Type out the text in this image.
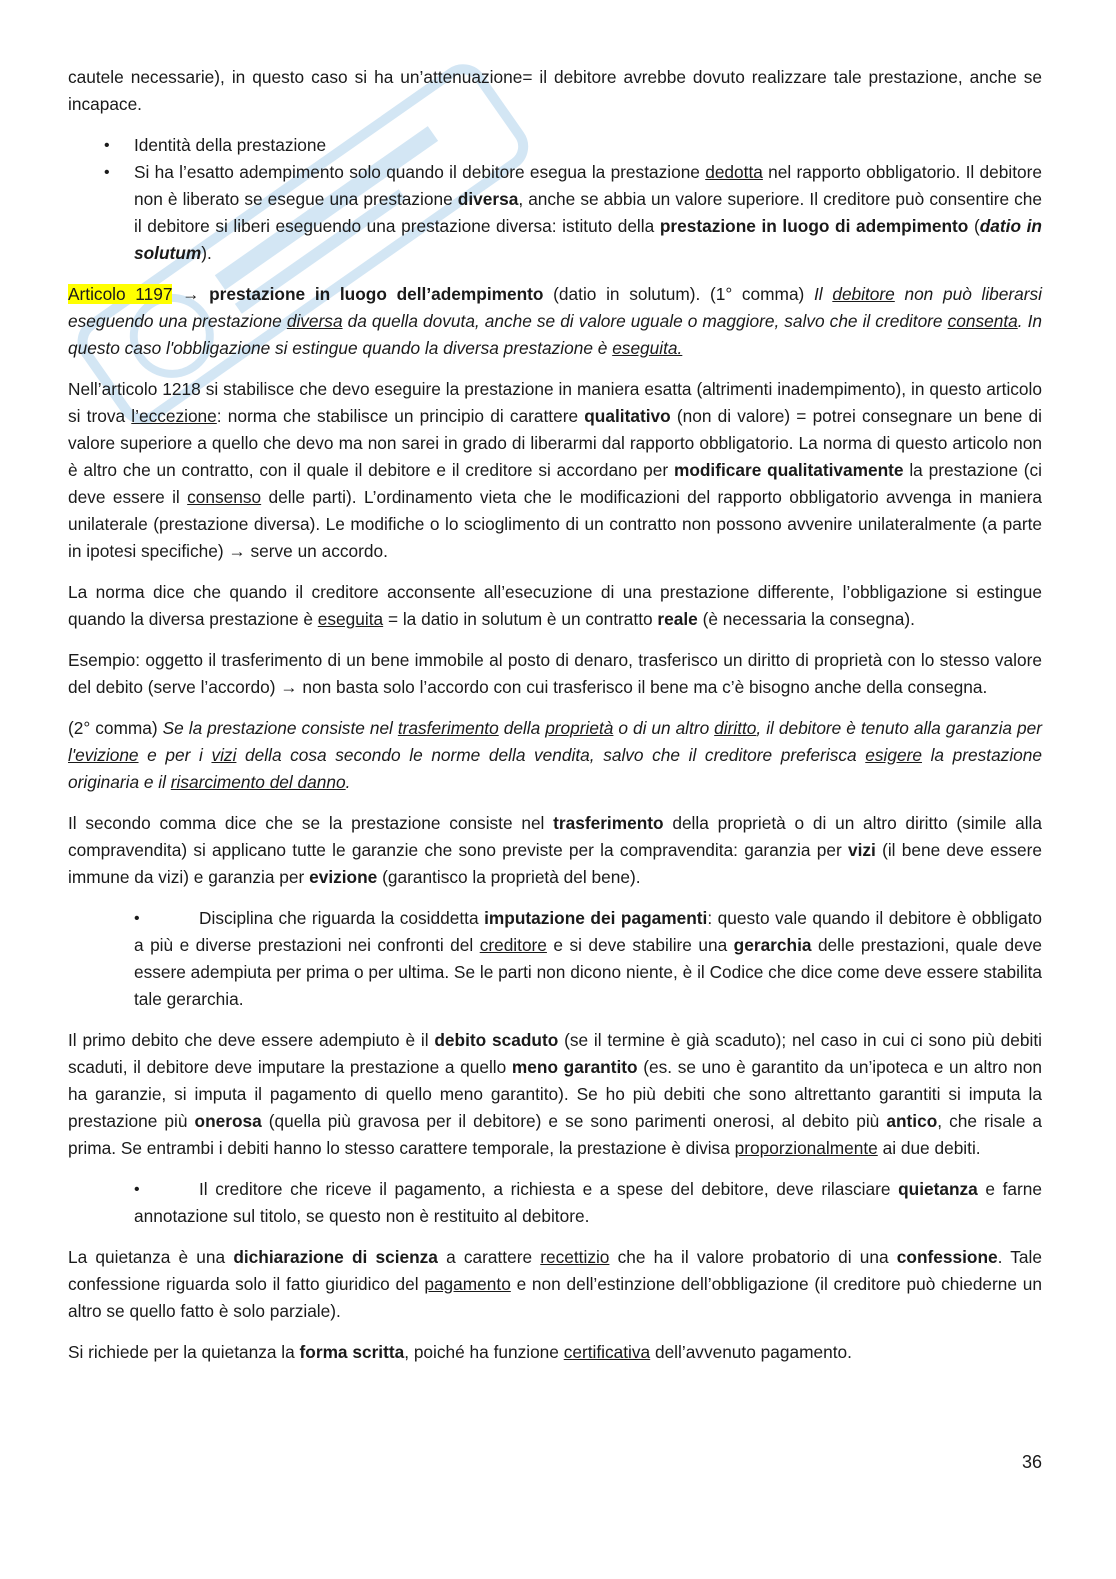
cautele necessarie), in questo caso si ha un’attenuazione= il debitore avrebbe dovuto realizzare tale prestazione, anche se incapace.

• Identità della prestazione
• Si ha l’esatto adempimento solo quando il debitore esegua la prestazione dedotta nel rapporto obbligatorio. Il debitore non è liberato se esegue una prestazione diversa, anche se abbia un valore superiore. Il creditore può consentire che il debitore si liberi eseguendo una prestazione diversa: istituto della prestazione in luogo di adempimento (datio in solutum).

Articolo 1197 → prestazione in luogo dell’adempimento (datio in solutum). (1° comma) Il debitore non può liberarsi eseguendo una prestazione diversa da quella dovuta, anche se di valore uguale o maggiore, salvo che il creditore consenta. In questo caso l'obbligazione si estingue quando la diversa prestazione è eseguita.

Nell’articolo 1218 si stabilisce che devo eseguire la prestazione in maniera esatta (altrimenti inadempimento), in questo articolo si trova l’eccezione: norma che stabilisce un principio di carattere qualitativo (non di valore) = potrei consegnare un bene di valore superiore a quello che devo ma non sarei in grado di liberarmi dal rapporto obbligatorio. La norma di questo articolo non è altro che un contratto, con il quale il debitore e il creditore si accordano per modificare qualitativamente la prestazione (ci deve essere il consenso delle parti). L’ordinamento vieta che le modificazioni del rapporto obbligatorio avvenga in maniera unilaterale (prestazione diversa). Le modifiche o lo scioglimento di un contratto non possono avvenire unilateralmente (a parte in ipotesi specifiche) → serve un accordo.

La norma dice che quando il creditore acconsente all’esecuzione di una prestazione differente, l’obbligazione si estingue quando la diversa prestazione è eseguita = la datio in solutum è un contratto reale (è necessaria la consegna).

Esempio: oggetto il trasferimento di un bene immobile al posto di denaro, trasferisco un diritto di proprietà con lo stesso valore del debito (serve l’accordo) → non basta solo l’accordo con cui trasferisco il bene ma c’è bisogno anche della consegna.

(2° comma) Se la prestazione consiste nel trasferimento della proprietà o di un altro diritto, il debitore è tenuto alla garanzia per l'evizione e per i vizi della cosa secondo le norme della vendita, salvo che il creditore preferisca esigere la prestazione originaria e il risarcimento del danno.

Il secondo comma dice che se la prestazione consiste nel trasferimento della proprietà o di un altro diritto (simile alla compravendita) si applicano tutte le garanzie che sono previste per la compravendita: garanzia per vizi (il bene deve essere immune da vizi) e garanzia per evizione (garantisco la proprietà del bene).

•	Disciplina che riguarda la cosiddetta imputazione dei pagamenti: questo vale quando il debitore è obbligato a più e diverse prestazioni nei confronti del creditore e si deve stabilire una gerarchia delle prestazioni, quale deve essere adempiuta per prima o per ultima. Se le parti non dicono niente, è il Codice che dice come deve essere stabilita tale gerarchia.

Il primo debito che deve essere adempiuto è il debito scaduto (se il termine è già scaduto); nel caso in cui ci sono più debiti scaduti, il debitore deve imputare la prestazione a quello meno garantito (es. se uno è garantito da un’ipoteca e un altro non ha garanzie, si imputa il pagamento di quello meno garantito). Se ho più debiti che sono altrettanto garantiti si imputa la prestazione più onerosa (quella più gravosa per il debitore) e se sono parimenti onerosi, al debito più antico, che risale a prima. Se entrambi i debiti hanno lo stesso carattere temporale, la prestazione è divisa proporzionalmente ai due debiti.

•	Il creditore che riceve il pagamento, a richiesta e a spese del debitore, deve rilasciare quietanza e farne annotazione sul titolo, se questo non è restituito al debitore.

La quietanza è una dichiarazione di scienza a carattere recettizio che ha il valore probatorio di una confessione. Tale confessione riguarda solo il fatto giuridico del pagamento e non dell’estinzione dell’obbligazione (il creditore può chiederne un altro se quello fatto è solo parziale).

Si richiede per la quietanza la forma scritta, poiché ha funzione certificativa dell’avvenuto pagamento.

36
